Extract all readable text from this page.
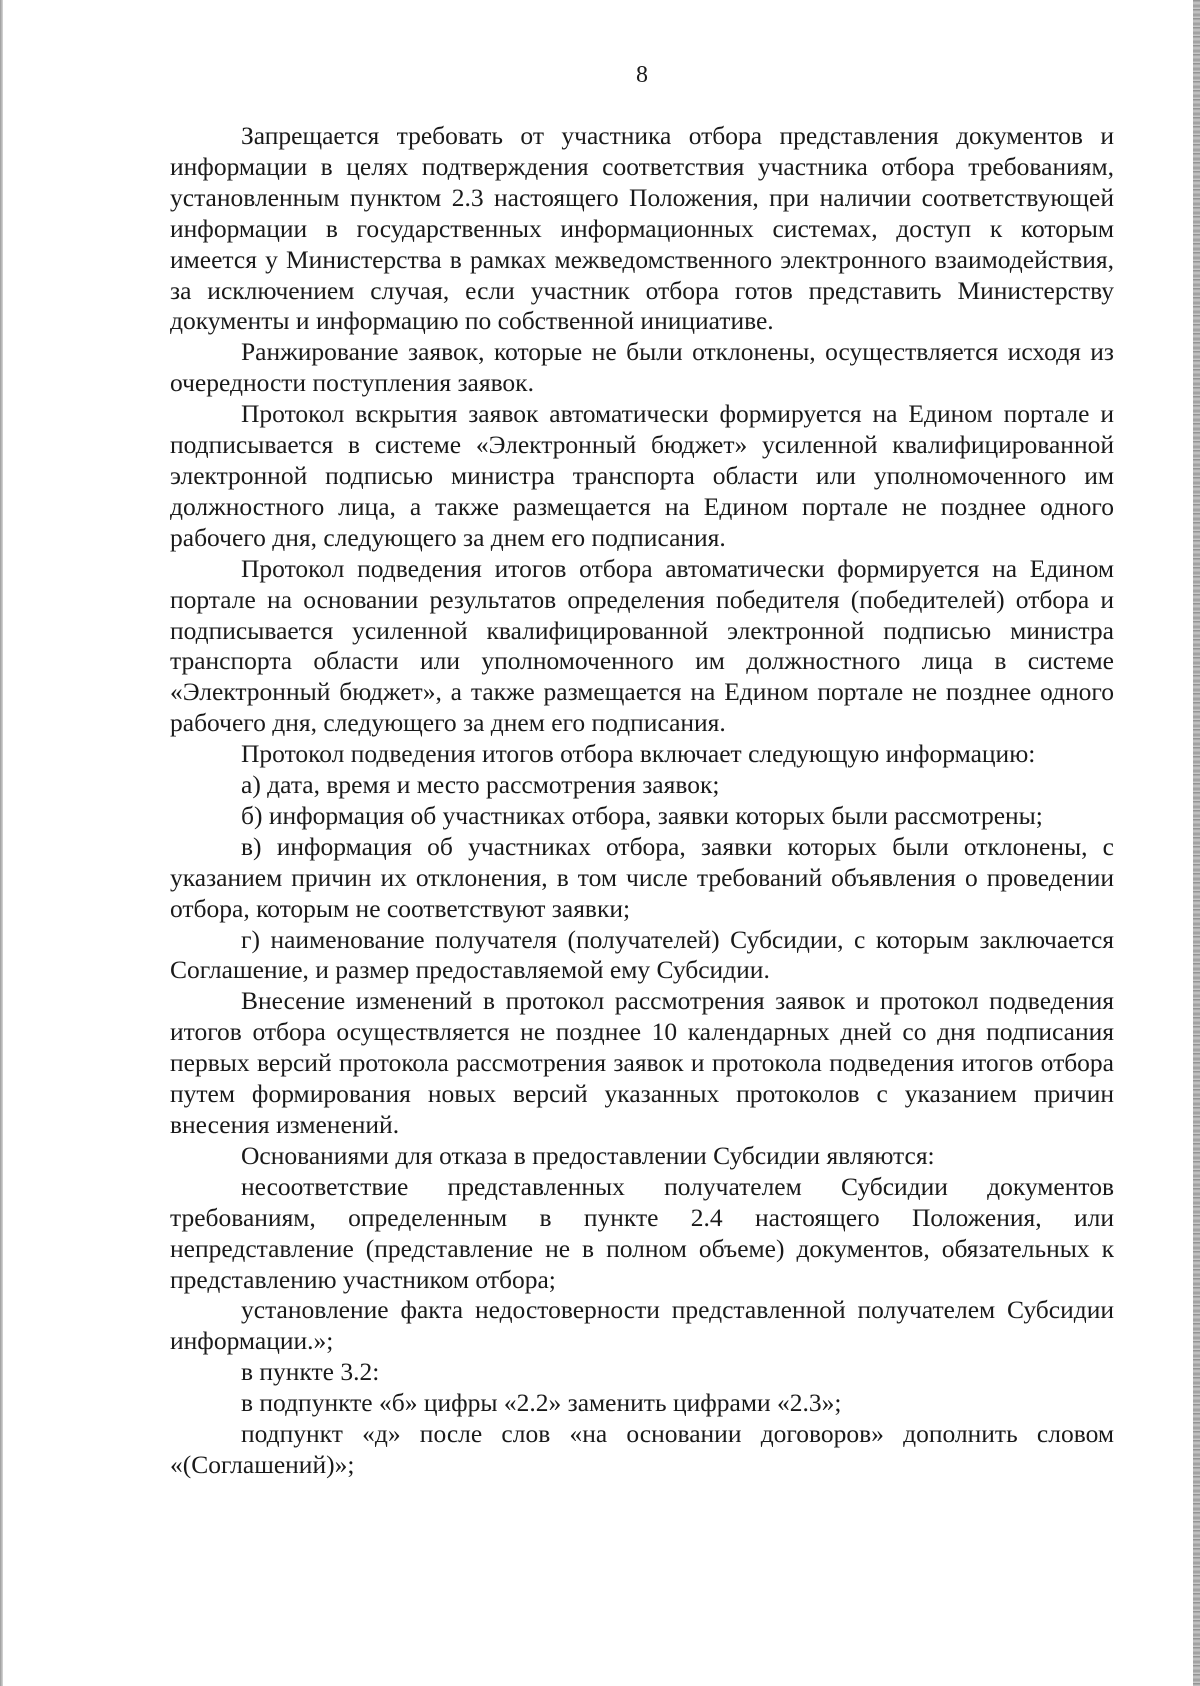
8

Запрещается требовать от участника отбора представления документов и информации в целях подтверждения соответствия участника отбора требованиям, установленным пунктом 2.3 настоящего Положения, при наличии соответствующей информации в государственных информационных системах, доступ к которым имеется у Министерства в рамках межведомственного электронного взаимодействия, за исключением случая, если участник отбора готов представить Министерству документы и информацию по собственной инициативе.

Ранжирование заявок, которые не были отклонены, осуществляется исходя из очередности поступления заявок.

Протокол вскрытия заявок автоматически формируется на Едином портале и подписывается в системе «Электронный бюджет» усиленной квалифицированной электронной подписью министра транспорта области или уполномоченного им должностного лица, а также размещается на Едином портале не позднее одного рабочего дня, следующего за днем его подписания.

Протокол подведения итогов отбора автоматически формируется на Едином портале на основании результатов определения победителя (победителей) отбора и подписывается усиленной квалифицированной электронной подписью министра транспорта области или уполномоченного им должностного лица в системе «Электронный бюджет», а также размещается на Едином портале не позднее одного рабочего дня, следующего за днем его подписания.

Протокол подведения итогов отбора включает следующую информацию:

а) дата, время и место рассмотрения заявок;

б) информация об участниках отбора, заявки которых были рассмотрены;

в) информация об участниках отбора, заявки которых были отклонены, с указанием причин их отклонения, в том числе требований объявления о проведении отбора, которым не соответствуют заявки;

г) наименование получателя (получателей) Субсидии, с которым заключается Соглашение, и размер предоставляемой ему Субсидии.

Внесение изменений в протокол рассмотрения заявок и протокол подведения итогов отбора осуществляется не позднее 10 календарных дней со дня подписания первых версий протокола рассмотрения заявок и протокола подведения итогов отбора путем формирования новых версий указанных протоколов с указанием причин внесения изменений.

Основаниями для отказа в предоставлении Субсидии являются:

несоответствие представленных получателем Субсидии документов требованиям, определенным в пункте 2.4 настоящего Положения, или непредставление (представление не в полном объеме) документов, обязательных к представлению участником отбора;

установление факта недостоверности представленной получателем Субсидии информации.»;

в пункте 3.2:

в подпункте «б» цифры «2.2» заменить цифрами «2.3»;

подпункт «д» после слов «на основании договоров» дополнить словом «(Соглашений)»;
